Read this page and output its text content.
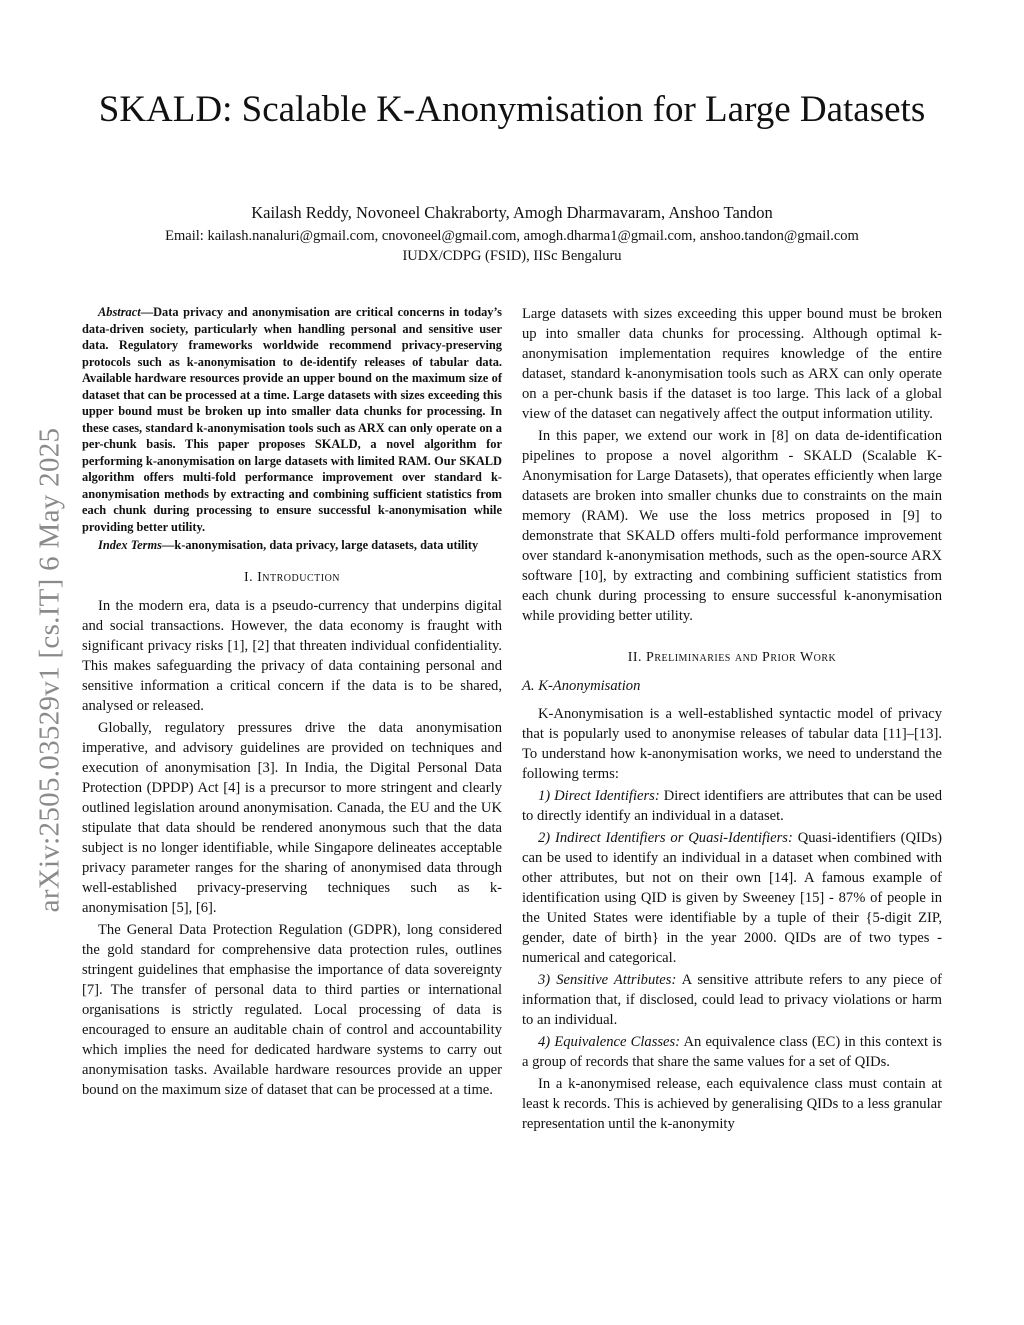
SKALD: Scalable K-Anonymisation for Large Datasets
Kailash Reddy, Novoneel Chakraborty, Amogh Dharmavaram, Anshoo Tandon
Email: kailash.nanaluri@gmail.com, cnovoneel@gmail.com, amogh.dharma1@gmail.com, anshoo.tandon@gmail.com
IUDX/CDPG (FSID), IISc Bengaluru
arXiv:2505.03529v1 [cs.IT] 6 May 2025

Abstract—Data privacy and anonymisation are critical concerns in today’s data-driven society, particularly when handling personal and sensitive user data. Regulatory frameworks worldwide recommend privacy-preserving protocols such as k-anonymisation to de-identify releases of tabular data. Available hardware resources provide an upper bound on the maximum size of dataset that can be processed at a time. Large datasets with sizes exceeding this upper bound must be broken up into smaller data chunks for processing. In these cases, standard k-anonymisation tools such as ARX can only operate on a per-chunk basis. This paper proposes SKALD, a novel algorithm for performing k-anonymisation on large datasets with limited RAM. Our SKALD algorithm offers multi-fold performance improvement over standard k-anonymisation methods by extracting and combining sufficient statistics from each chunk during processing to ensure successful k-anonymisation while providing better utility.

Index Terms—k-anonymisation, data privacy, large datasets, data utility

I. Introduction

In the modern era, data is a pseudo-currency that underpins digital and social transactions. However, the data economy is fraught with significant privacy risks [1], [2] that threaten individual confidentiality. This makes safeguarding the privacy of data containing personal and sensitive information a critical concern if the data is to be shared, analysed or released.

Globally, regulatory pressures drive the data anonymisation imperative, and advisory guidelines are provided on techniques and execution of anonymisation [3]. In India, the Digital Personal Data Protection (DPDP) Act [4] is a precursor to more stringent and clearly outlined legislation around anonymisation. Canada, the EU and the UK stipulate that data should be rendered anonymous such that the data subject is no longer identifiable, while Singapore delineates acceptable privacy parameter ranges for the sharing of anonymised data through well-established privacy-preserving techniques such as k-anonymisation [5], [6].

The General Data Protection Regulation (GDPR), long considered the gold standard for comprehensive data protection rules, outlines stringent guidelines that emphasise the importance of data sovereignty [7]. The transfer of personal data to third parties or international organisations is strictly regulated. Local processing of data is encouraged to ensure an auditable chain of control and accountability which implies the need for dedicated hardware systems to carry out anonymisation tasks. Available hardware resources provide an upper bound on the maximum size of dataset that can be processed at a time.

Large datasets with sizes exceeding this upper bound must be broken up into smaller data chunks for processing. Although optimal k-anonymisation implementation requires knowledge of the entire dataset, standard k-anonymisation tools such as ARX can only operate on a per-chunk basis if the dataset is too large. This lack of a global view of the dataset can negatively affect the output information utility.

In this paper, we extend our work in [8] on data de-identification pipelines to propose a novel algorithm - SKALD (Scalable K-Anonymisation for Large Datasets), that operates efficiently when large datasets are broken into smaller chunks due to constraints on the main memory (RAM). We use the loss metrics proposed in [9] to demonstrate that SKALD offers multi-fold performance improvement over standard k-anonymisation methods, such as the open-source ARX software [10], by extracting and combining sufficient statistics from each chunk during processing to ensure successful k-anonymisation while providing better utility.

II. Preliminaries and Prior Work
A. K-Anonymisation

K-Anonymisation is a well-established syntactic model of privacy that is popularly used to anonymise releases of tabular data [11]–[13]. To understand how k-anonymisation works, we need to understand the following terms:

1) Direct Identifiers: Direct identifiers are attributes that can be used to directly identify an individual in a dataset.

2) Indirect Identifiers or Quasi-Identifiers: Quasi-identifiers (QIDs) can be used to identify an individual in a dataset when combined with other attributes, but not on their own [14]. A famous example of identification using QID is given by Sweeney [15] - 87% of people in the United States were identifiable by a tuple of their {5-digit ZIP, gender, date of birth} in the year 2000. QIDs are of two types - numerical and categorical.

3) Sensitive Attributes: A sensitive attribute refers to any piece of information that, if disclosed, could lead to privacy violations or harm to an individual.

4) Equivalence Classes: An equivalence class (EC) in this context is a group of records that share the same values for a set of QIDs.

In a k-anonymised release, each equivalence class must contain at least k records. This is achieved by generalising QIDs to a less granular representation until the k-anonymity
